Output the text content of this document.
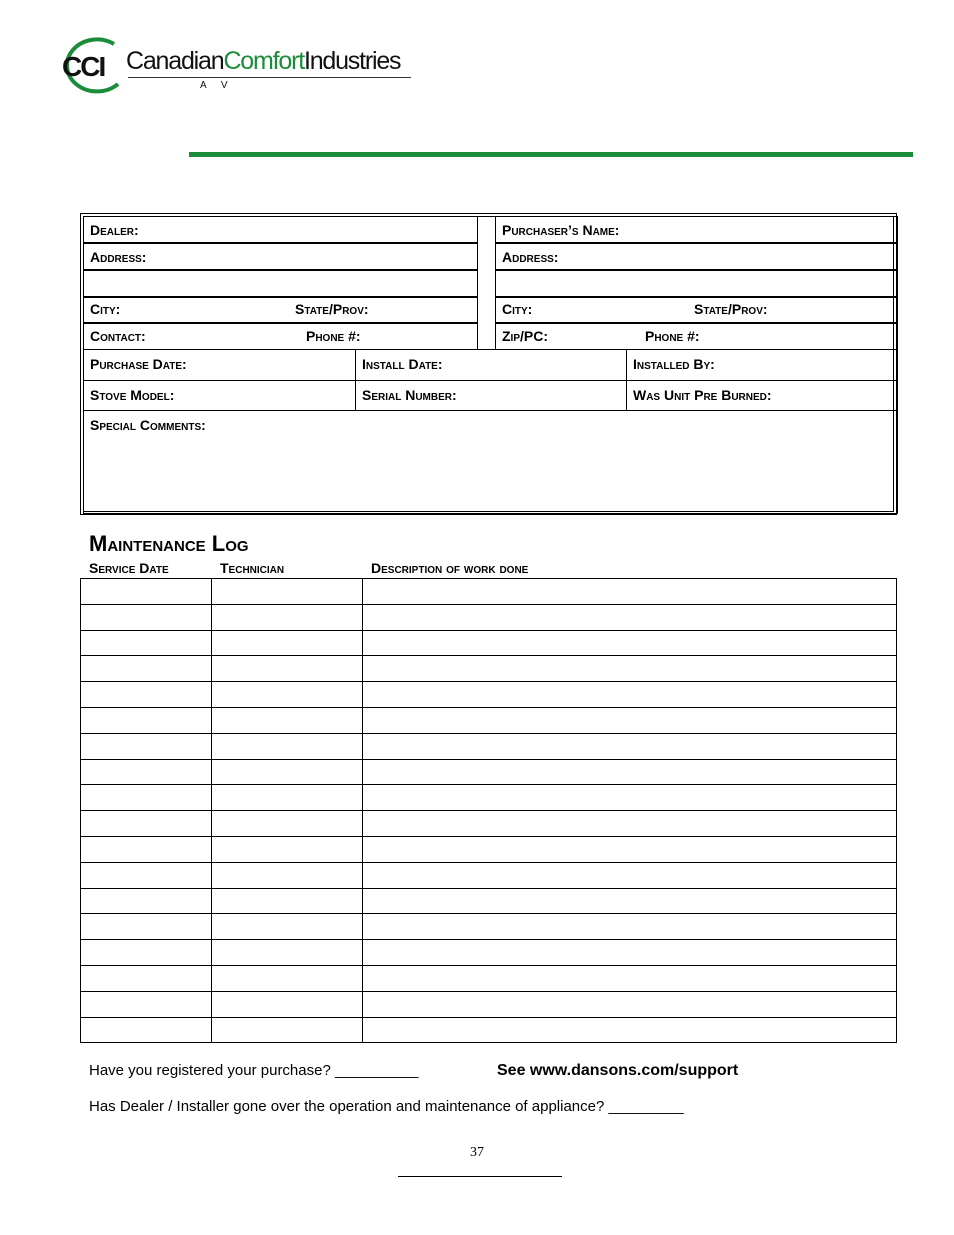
CCI CanadianComfortIndustries
A V
Dealer:
Address:
City:	State/Prov:
Contact:	Phone #:
Purchaser’s Name:
Address:
City:	State/Prov:
Zip/PC:	Phone #:
Purchase Date:	Install Date:	Installed By:
Stove Model:	Serial Number:	Was Unit Pre Burned:
Special Comments:
Maintenance Log
Service Date	Technician	Description of work done

Have you registered your purchase? __________	See www.dansons.com/support
Has Dealer / Installer gone over the operation and maintenance of appliance? _________
37
